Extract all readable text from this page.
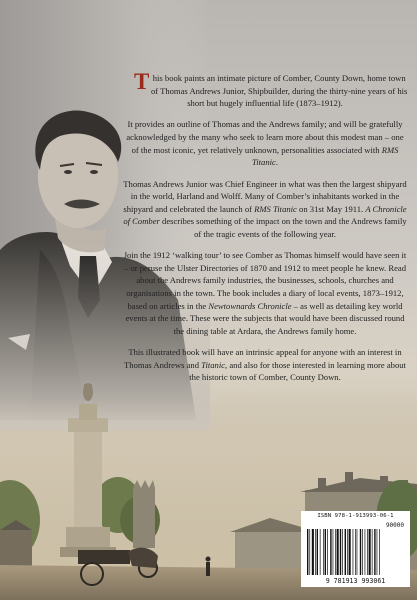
This book paints an intimate picture of Comber, County Down, home town of Thomas Andrews Junior, Shipbuilder, during the thirty-nine years of his short but hugely influential life (1873–1912).

It provides an outline of Thomas and the Andrews family; and will be gratefully acknowledged by the many who seek to learn more about this modest man – one of the most iconic, yet relatively unknown, personalities associated with RMS Titanic.

Thomas Andrews Junior was Chief Engineer in what was then the largest shipyard in the world, Harland and Wolff. Many of Comber’s inhabitants worked in the shipyard and celebrated the launch of RMS Titanic on 31st May 1911. A Chronicle of Comber describes something of the impact on the town and the Andrews family of the tragic events of the following year.

Join the 1912 ‘walking tour’ to see Comber as Thomas himself would have seen it – or peruse the Ulster Directories of 1870 and 1912 to meet people he knew. Read about the Andrews family industries, the businesses, schools, churches and organisations in the town. The book includes a diary of local events, 1873–1912, based on articles in the Newtownards Chronicle – as well as detailing key world events at the time. These were the subjects that would have been discussed round the dining table at Ardara, the Andrews family home.

This illustrated book will have an intrinsic appeal for anyone with an interest in Thomas Andrews and Titanic, and also for those interested in learning more about the historic town of Comber, County Down.

ISBN 978-1-913993-06-1
90000
9 781913 993061
